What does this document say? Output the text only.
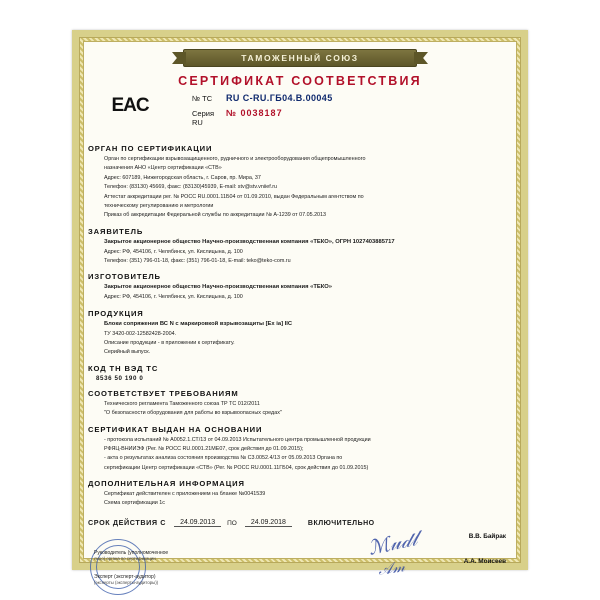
ТАМОЖЕННЫЙ СОЮЗ
СЕРТИФИКАТ СООТВЕТСТВИЯ
EAC	№ ТС	RU C-RU.ГБ04.В.00045
Серия RU
№ 0038187
ОРГАН ПО СЕРТИФИКАЦИИ
Орган по сертификации взрывозащищенного, рудничного и электрооборудования общепромышленного
назначения АНО «Центр сертификации «СТВ»
Адрес: 607189, Нижегородская область, г. Саров, пр. Мира, 37
Телефон: (83130) 45669, факс: (83130)45939, E-mail: stv@stv.vniief.ru
Аттестат аккредитации рег. № РОСС RU.0001.11Б04 от 01.09.2010, выдан Федеральным агентством по
техническому регулированию и метрологии
Приказ об аккредитации Федеральной службы по аккредитации № А-1239 от 07.05.2013
ЗАЯВИТЕЛЬ
Закрытое акционерное общество Научно-производственная компания «ТЕКО», ОГРН 1027403885717
Адрес: РФ, 454106, г. Челябинск, ул. Кислицына, д. 100
Телефон: (351) 796-01-18, факс: (351) 796-01-18, E-mail: teko@teko-com.ru
ИЗГОТОВИТЕЛЬ
Закрытое акционерное общество Научно-производственная компания «ТЕКО»
Адрес: РФ, 454106, г. Челябинск, ул. Кислицына, д. 100
ПРОДУКЦИЯ
Блоки сопряжения ВС N с маркировкой взрывозащиты [Ex ia] IIC
ТУ 3420-002-12582428-2004.
Описание продукции - в приложении к сертификату.
Серийный выпуск.
КОД ТН ВЭД ТС
8536 50 190 0
СООТВЕТСТВУЕТ ТРЕБОВАНИЯМ
Технического регламента Таможенного союза ТР ТС 012/2011
"О безопасности оборудования для работы во взрывоопасных средах"
СЕРТИФИКАТ ВЫДАН НА ОСНОВАНИИ
- протокола испытаний № А0052.1.СТ/13 от 04.09.2013 Испытательного центра промышленной продукции
РФЯЦ-ВНИИЭФ (Рег. № РОСС RU.0001.21МЕ07, срок действия до 01.09.2015);
- акта о результатах анализа состояния производства № С3.0052.4/13 от 05.09.2013 Органа по
сертификации Центр сертификации «СТВ» (Рег. № РОСС RU.0001.11ГБ04, срок действия до 01.09.2015)
ДОПОЛНИТЕЛЬНАЯ ИНФОРМАЦИЯ
Сертификат действителен с приложением на бланке №0041539
Схема сертификации 1с
СРОК ДЕЙСТВИЯ С	24.09.2013	ПО	24.09.2018	ВКЛЮЧИТЕЛЬНО
ℳ𝓊𝒹𝓁
𝒜𝓂
Руководитель (уполномоченное
лицо) органа по сертификации
Эксперт (эксперт-аудитор)
(эксперты (эксперты-аудиторы))
В.В. Байрак
А.А. Моисеев
